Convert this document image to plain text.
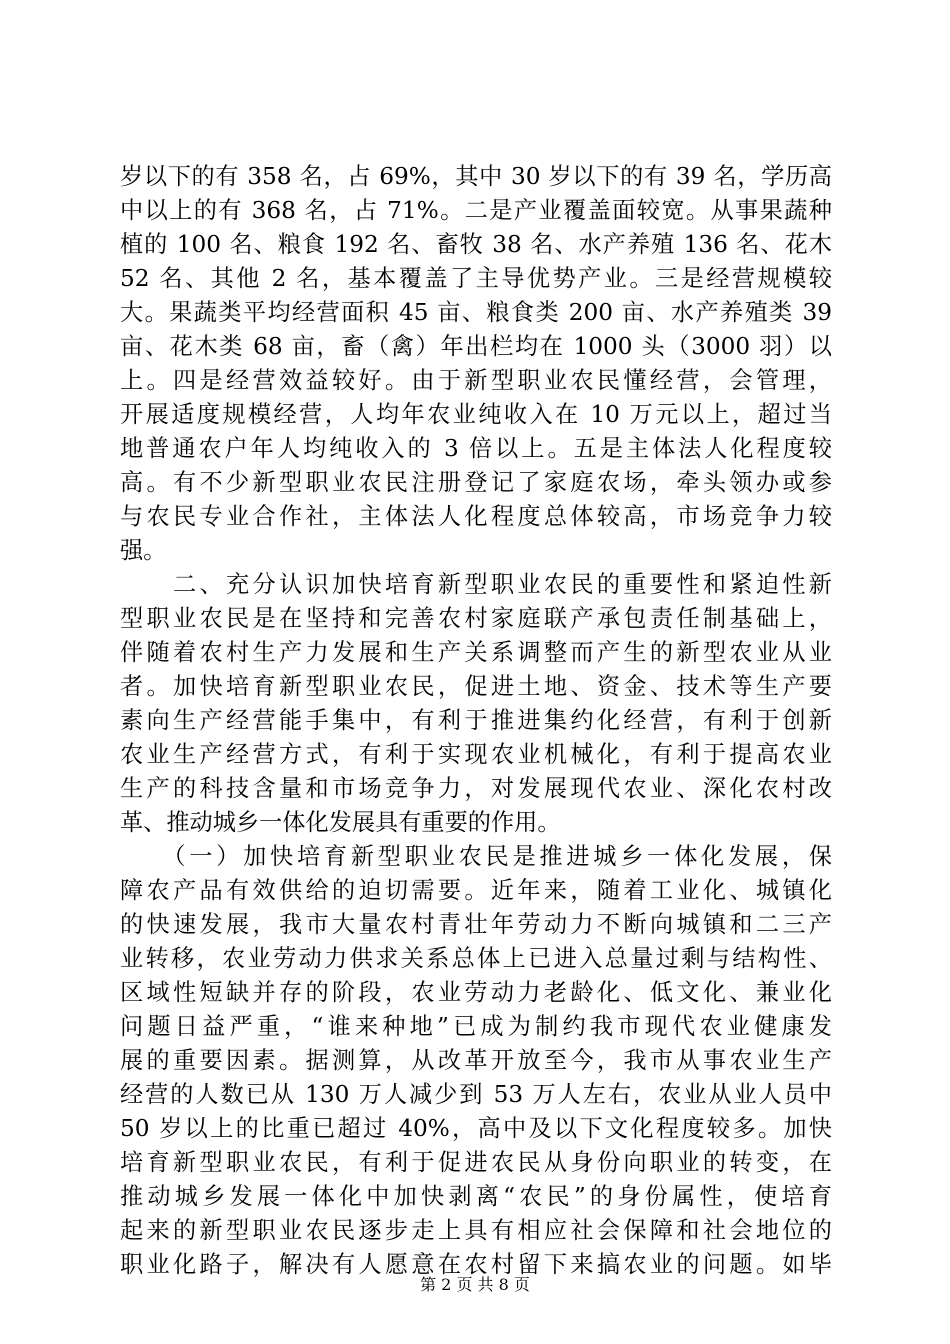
岁以下的有 358 名，占 69%，其中 30 岁以下的有 39 名，学历高
中以上的有 368 名，占 71%。二是产业覆盖面较宽。从事果蔬种
植的 100 名、粮食 192 名、畜牧 38 名、水产养殖 136 名、花木
52 名、其他 2 名，基本覆盖了主导优势产业。三是经营规模较
大。果蔬类平均经营面积 45 亩、粮食类 200 亩、水产养殖类 39
亩、花木类 68 亩，畜（禽）年出栏均在 1000 头（3000 羽）以
上。四是经营效益较好。由于新型职业农民懂经营，会管理，
开展适度规模经营，人均年农业纯收入在 10 万元以上，超过当
地普通农户年人均纯收入的 3 倍以上。五是主体法人化程度较
高。有不少新型职业农民注册登记了家庭农场，牵头领办或参
与农民专业合作社，主体法人化程度总体较高，市场竞争力较
强。
　　二、充分认识加快培育新型职业农民的重要性和紧迫性新
型职业农民是在坚持和完善农村家庭联产承包责任制基础上，
伴随着农村生产力发展和生产关系调整而产生的新型农业从业
者。加快培育新型职业农民，促进土地、资金、技术等生产要
素向生产经营能手集中，有利于推进集约化经营，有利于创新
农业生产经营方式，有利于实现农业机械化，有利于提高农业
生产的科技含量和市场竞争力，对发展现代农业、深化农村改
革、推动城乡一体化发展具有重要的作用。
　　（一）加快培育新型职业农民是推进城乡一体化发展，保
障农产品有效供给的迫切需要。近年来，随着工业化、城镇化
的快速发展，我市大量农村青壮年劳动力不断向城镇和二三产
业转移，农业劳动力供求关系总体上已进入总量过剩与结构性、
区域性短缺并存的阶段，农业劳动力老龄化、低文化、兼业化
问题日益严重，“谁来种地”已成为制约我市现代农业健康发
展的重要因素。据测算，从改革开放至今，我市从事农业生产
经营的人数已从 130 万人减少到 53 万人左右，农业从业人员中
50 岁以上的比重已超过 40%，高中及以下文化程度较多。加快
培育新型职业农民，有利于促进农民从身份向职业的转变，在
推动城乡发展一体化中加快剥离“农民”的身份属性，使培育
起来的新型职业农民逐步走上具有相应社会保障和社会地位的
职业化路子，解决有人愿意在农村留下来搞农业的问题。如毕
第 2 页 共 8 页
